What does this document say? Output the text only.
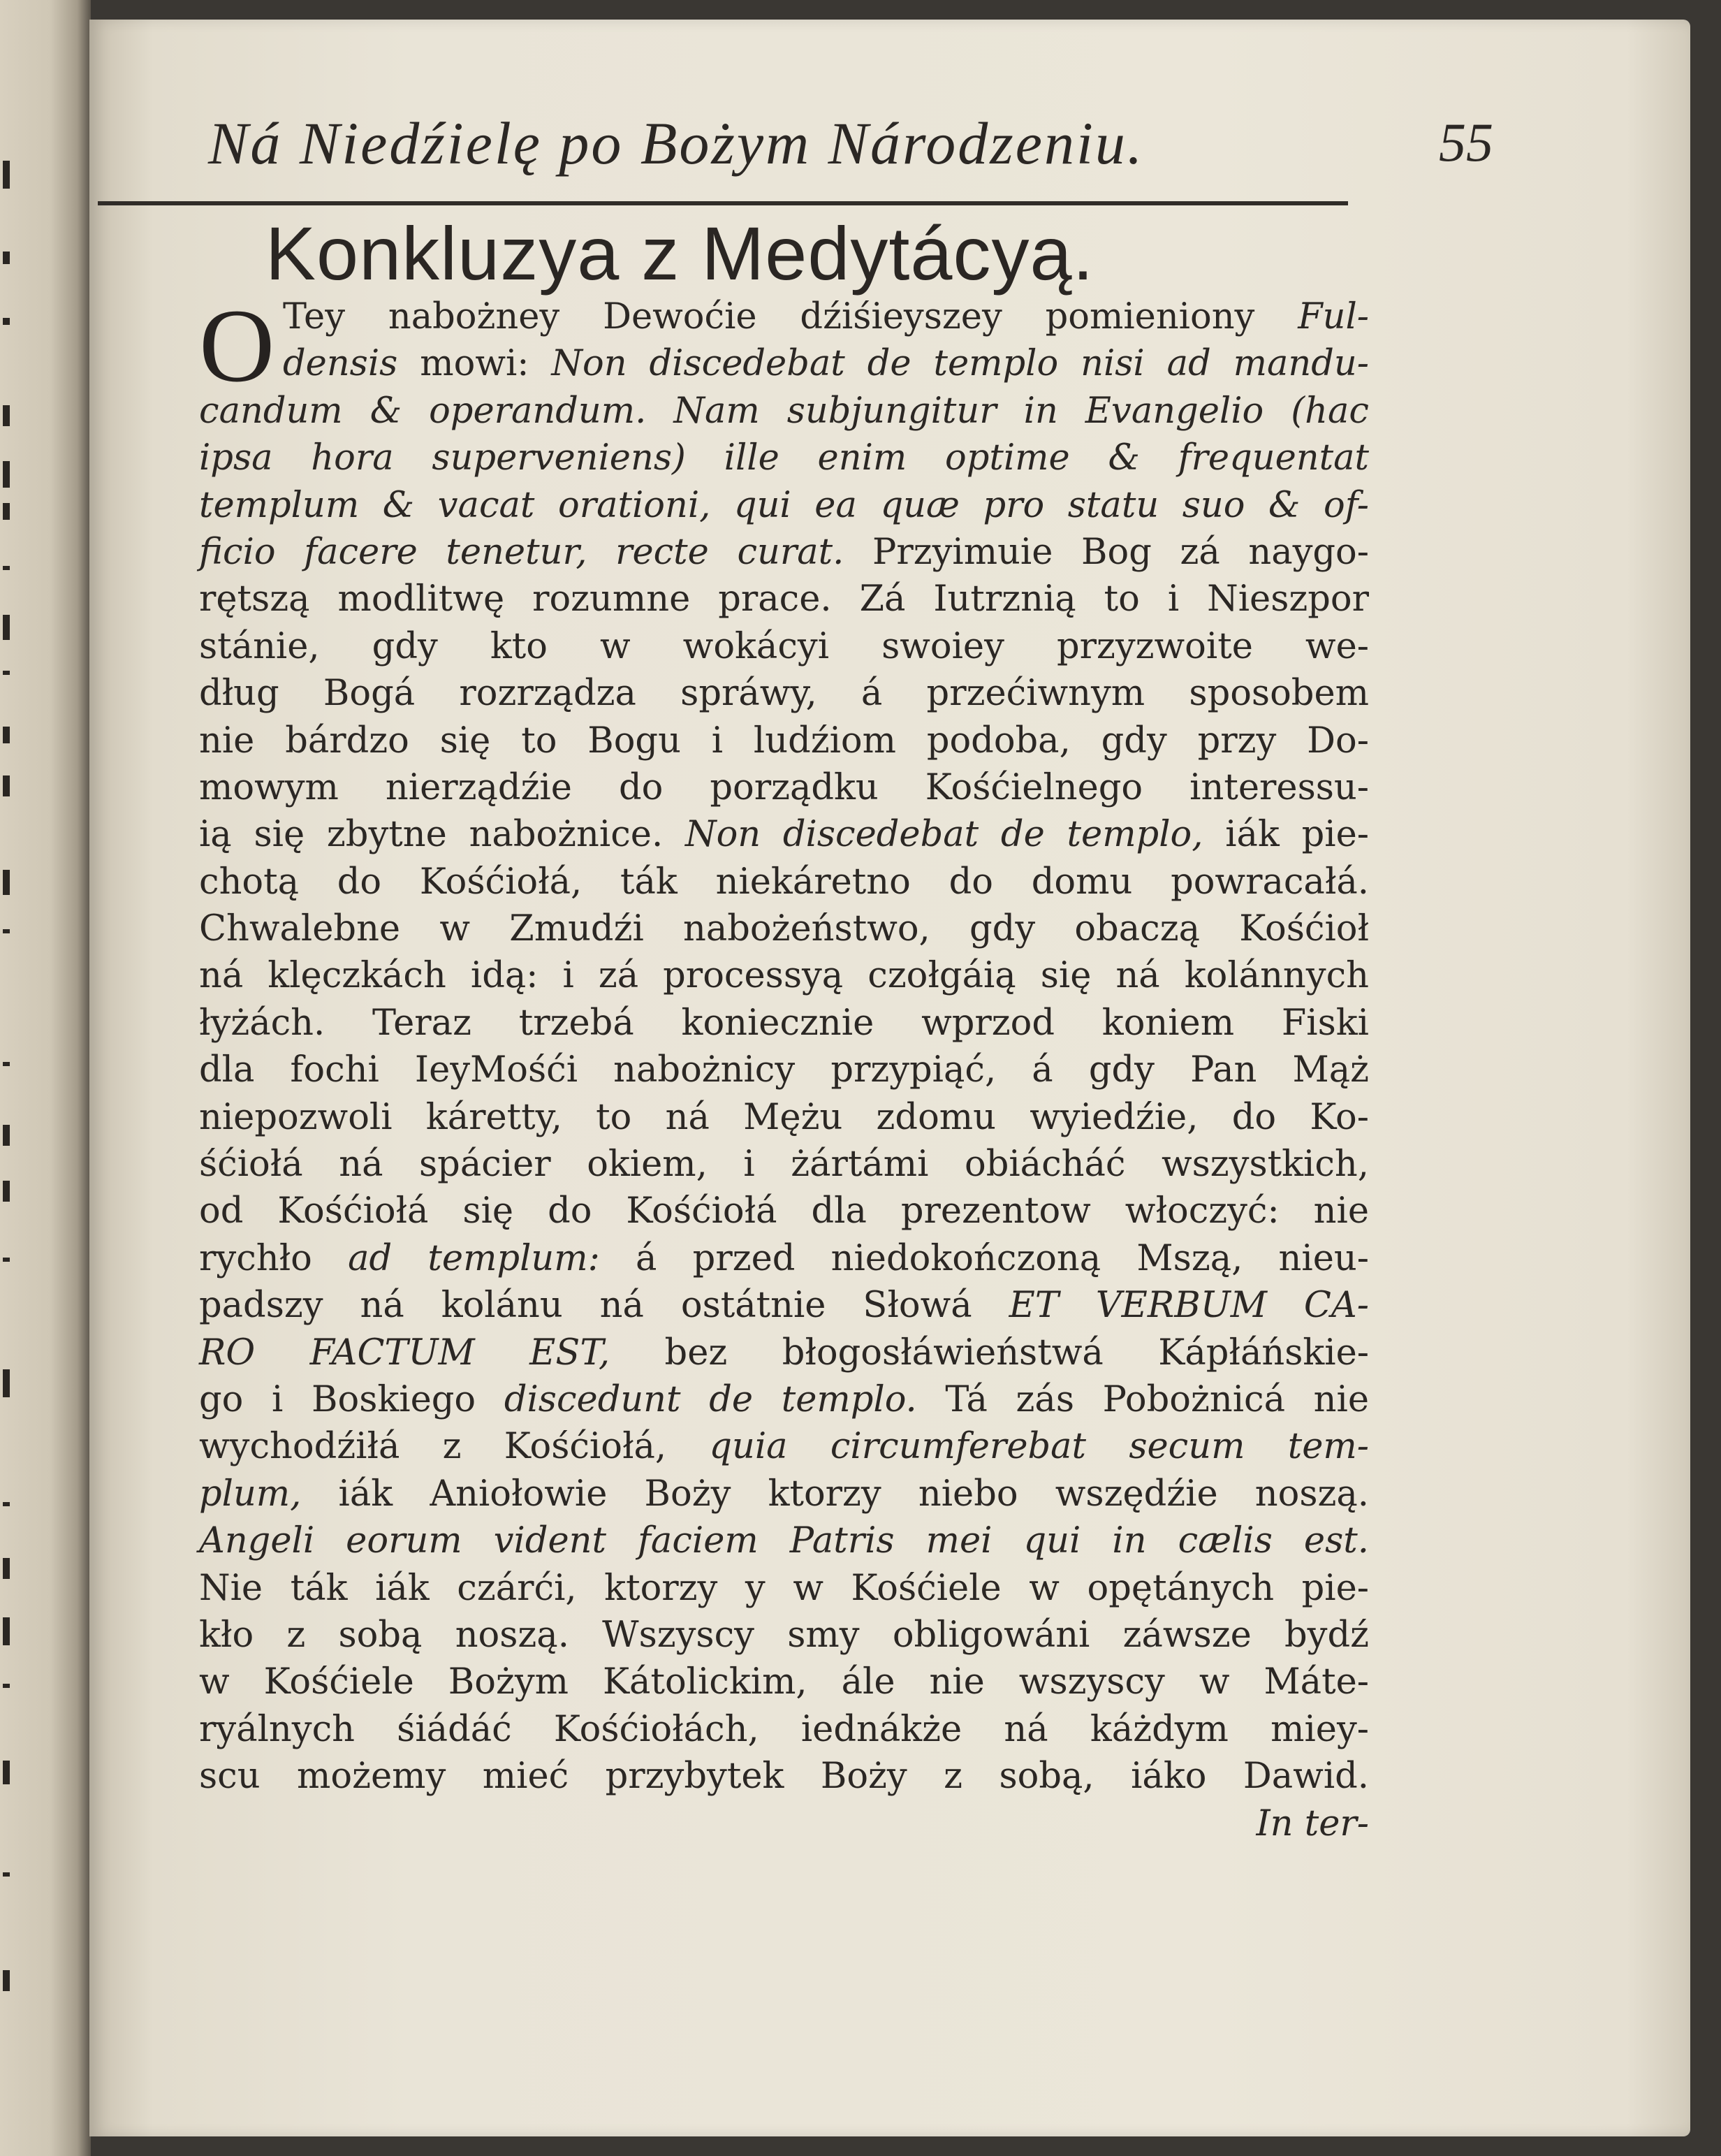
Ná Niedźielę po Bożym Národzeniu.	55
Konkluzya z Medytácyą.
O Tey nabożney Dewoćie dźiśieyszey pomieniony Ful-
densis mowi: Non discedebat de templo nisi ad mandu-
candum & operandum. Nam subjungitur in Evangelio (hac
ipsa hora superveniens) ille enim optime & frequentat
templum & vacat orationi, qui ea quæ pro statu suo & of-
ficio facere tenetur, recte curat. Przyimuie Bog zá naygo-
rętszą modlitwę rozumne prace. Zá Iutrznią to i Nieszpor
stánie, gdy kto w wokácyi swoiey przyzwoite we-
dług Bogá rozrządza spráwy, á przećiwnym sposobem
nie bárdzo się to Bogu i ludźiom podoba, gdy przy Do-
mowym nierządźie do porządku Kośćielnego interessu-
ią się zbytne nabożnice. Non discedebat de templo, iák pie-
chotą do Kośćiołá, ták niekáretno do domu powracałá.
Chwalebne w Zmudźi nabożeństwo, gdy obaczą Kośćioł
ná klęczkách idą: i zá processyą czołgáią się ná kolánnych
łyżách. Teraz trzebá koniecznie wprzod koniem Fiski
dla fochi IeyMośći nabożnicy przypiąć, á gdy Pan Mąż
niepozwoli káretty, to ná Mężu zdomu wyiedźie, do Ko-
śćiołá ná spácier okiem, i żártámi obiácháć wszystkich,
od Kośćiołá się do Kośćiołá dla prezentow włoczyć: nie
rychło ad templum: á przed niedokończoną Mszą, nieu-
padszy ná kolánu ná ostátnie Słowá ET VERBUM CA-
RO FACTUM EST, bez błogosłáwieństwá Kápłáńskie-
go i Boskiego discedunt de templo. Tá zás Pobożnicá nie
wychodźiłá z Kośćiołá, quia circumferebat secum tem-
plum, iák Aniołowie Boży ktorzy niebo wszędźie noszą.
Angeli eorum vident faciem Patris mei qui in cælis est.
Nie ták iák czárći, ktorzy y w Kośćiele w opętánych pie-
kło z sobą noszą. Wszyscy smy obligowáni záwsze bydź
w Kośćiele Bożym Kátolickim, ále nie wszyscy w Máte-
ryálnych śiádáć Kośćiołách, iednákże ná káżdym miey-
scu możemy mieć przybytek Boży z sobą, iáko Dawid.
In ter-
